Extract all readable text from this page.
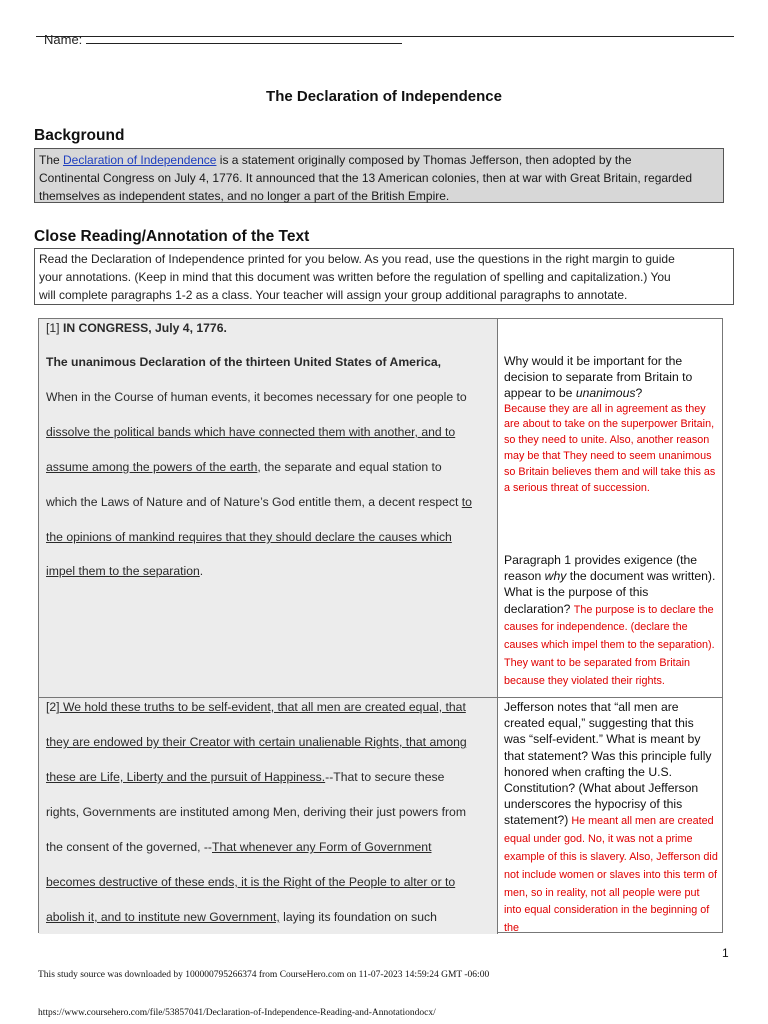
Name:
The Declaration of Independence
Background
The Declaration of Independence is a statement originally composed by Thomas Jefferson, then adopted by the
Continental Congress on July 4, 1776. It announced that the 13 American colonies, then at war with Great Britain, regarded
themselves as independent states, and no longer a part of the British Empire.
Close Reading/Annotation of the Text
Read the Declaration of Independence printed for you below. As you read, use the questions in the right margin to guide
your annotations. (Keep in mind that this document was written before the regulation of spelling and capitalization.) You
will complete paragraphs 1-2 as a class. Your teacher will assign your group additional paragraphs to annotate.
[1] IN CONGRESS, July 4, 1776.
The unanimous Declaration of the thirteen United States of America,
When in the Course of human events, it becomes necessary for one people to
dissolve the political bands which have connected them with another, and to
assume among the powers of the earth, the separate and equal station to
which the Laws of Nature and of Nature’s God entitle them, a decent respect to
the opinions of mankind requires that they should declare the causes which
impel them to the separation.
Why would it be important for the decision to separate from Britain to appear to be unanimous?
Because they are all in agreement as they are about to take on the superpower Britain, so they need to unite. Also, another reason may be that They need to seem unanimous so Britain believes them and will take this as a serious threat of succession.
Paragraph 1 provides exigence (the reason why the document was written). What is the purpose of this declaration? The purpose is to declare the causes for independence. (declare the causes which impel them to the separation). They want to be separated from Britain because they violated their rights.
[2] We hold these truths to be self-evident, that all men are created equal, that
they are endowed by their Creator with certain unalienable Rights, that among
these are Life, Liberty and the pursuit of Happiness.--That to secure these
rights, Governments are instituted among Men, deriving their just powers from
the consent of the governed, --That whenever any Form of Government
becomes destructive of these ends, it is the Right of the People to alter or to
abolish it, and to institute new Government, laying its foundation on such
Jefferson notes that “all men are created equal,” suggesting that this was “self-evident.” What is meant by that statement? Was this principle fully honored when crafting the U.S. Constitution? (What about Jefferson underscores the hypocrisy of this statement?) He meant all men are created equal under god. No, it was not a prime example of this is slavery. Also, Jefferson did not include women or slaves into this term of men, so in reality, not all people were put into equal consideration in the beginning of the
1
This study source was downloaded by 100000795266374 from CourseHero.com on 11-07-2023 14:59:24 GMT -06:00
https://www.coursehero.com/file/53857041/Declaration-of-Independence-Reading-and-Annotationdocx/
